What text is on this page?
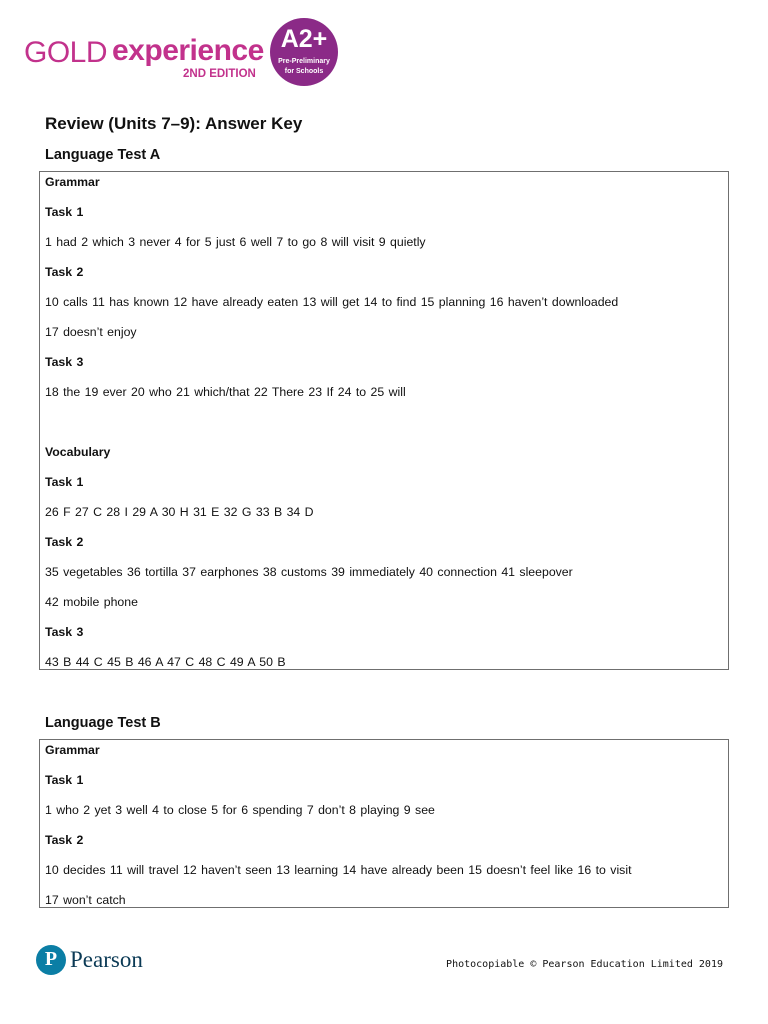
GOLD experience
2ND EDITION
A2+
Pre-Preliminary
for Schools
Review (Units 7–9): Answer Key
Language Test A
Grammar
Task 1
1 had 2 which 3 never 4 for 5 just 6 well 7 to go 8 will visit 9 quietly
Task 2
10 calls 11 has known 12 have already eaten 13 will get 14 to find 15 planning 16 haven’t downloaded
17 doesn’t enjoy
Task 3
18 the 19 ever 20 who 21 which/that 22 There 23 If 24 to 25 will
Vocabulary
Task 1
26 F 27 C 28 I 29 A 30 H 31 E 32 G 33 B 34 D
Task 2
35 vegetables 36 tortilla 37 earphones 38 customs 39 immediately 40 connection 41 sleepover
42 mobile phone
Task 3
43 B 44 C 45 B 46 A 47 C 48 C 49 A 50 B
Language Test B
Grammar
Task 1
1 who 2 yet 3 well 4 to close 5 for 6 spending 7 don’t 8 playing 9 see
Task 2
10 decides 11 will travel 12 haven’t seen 13 learning 14 have already been 15 doesn’t feel like 16 to visit
17 won’t catch
P Pearson	Photocopiable © Pearson Education Limited 2019
